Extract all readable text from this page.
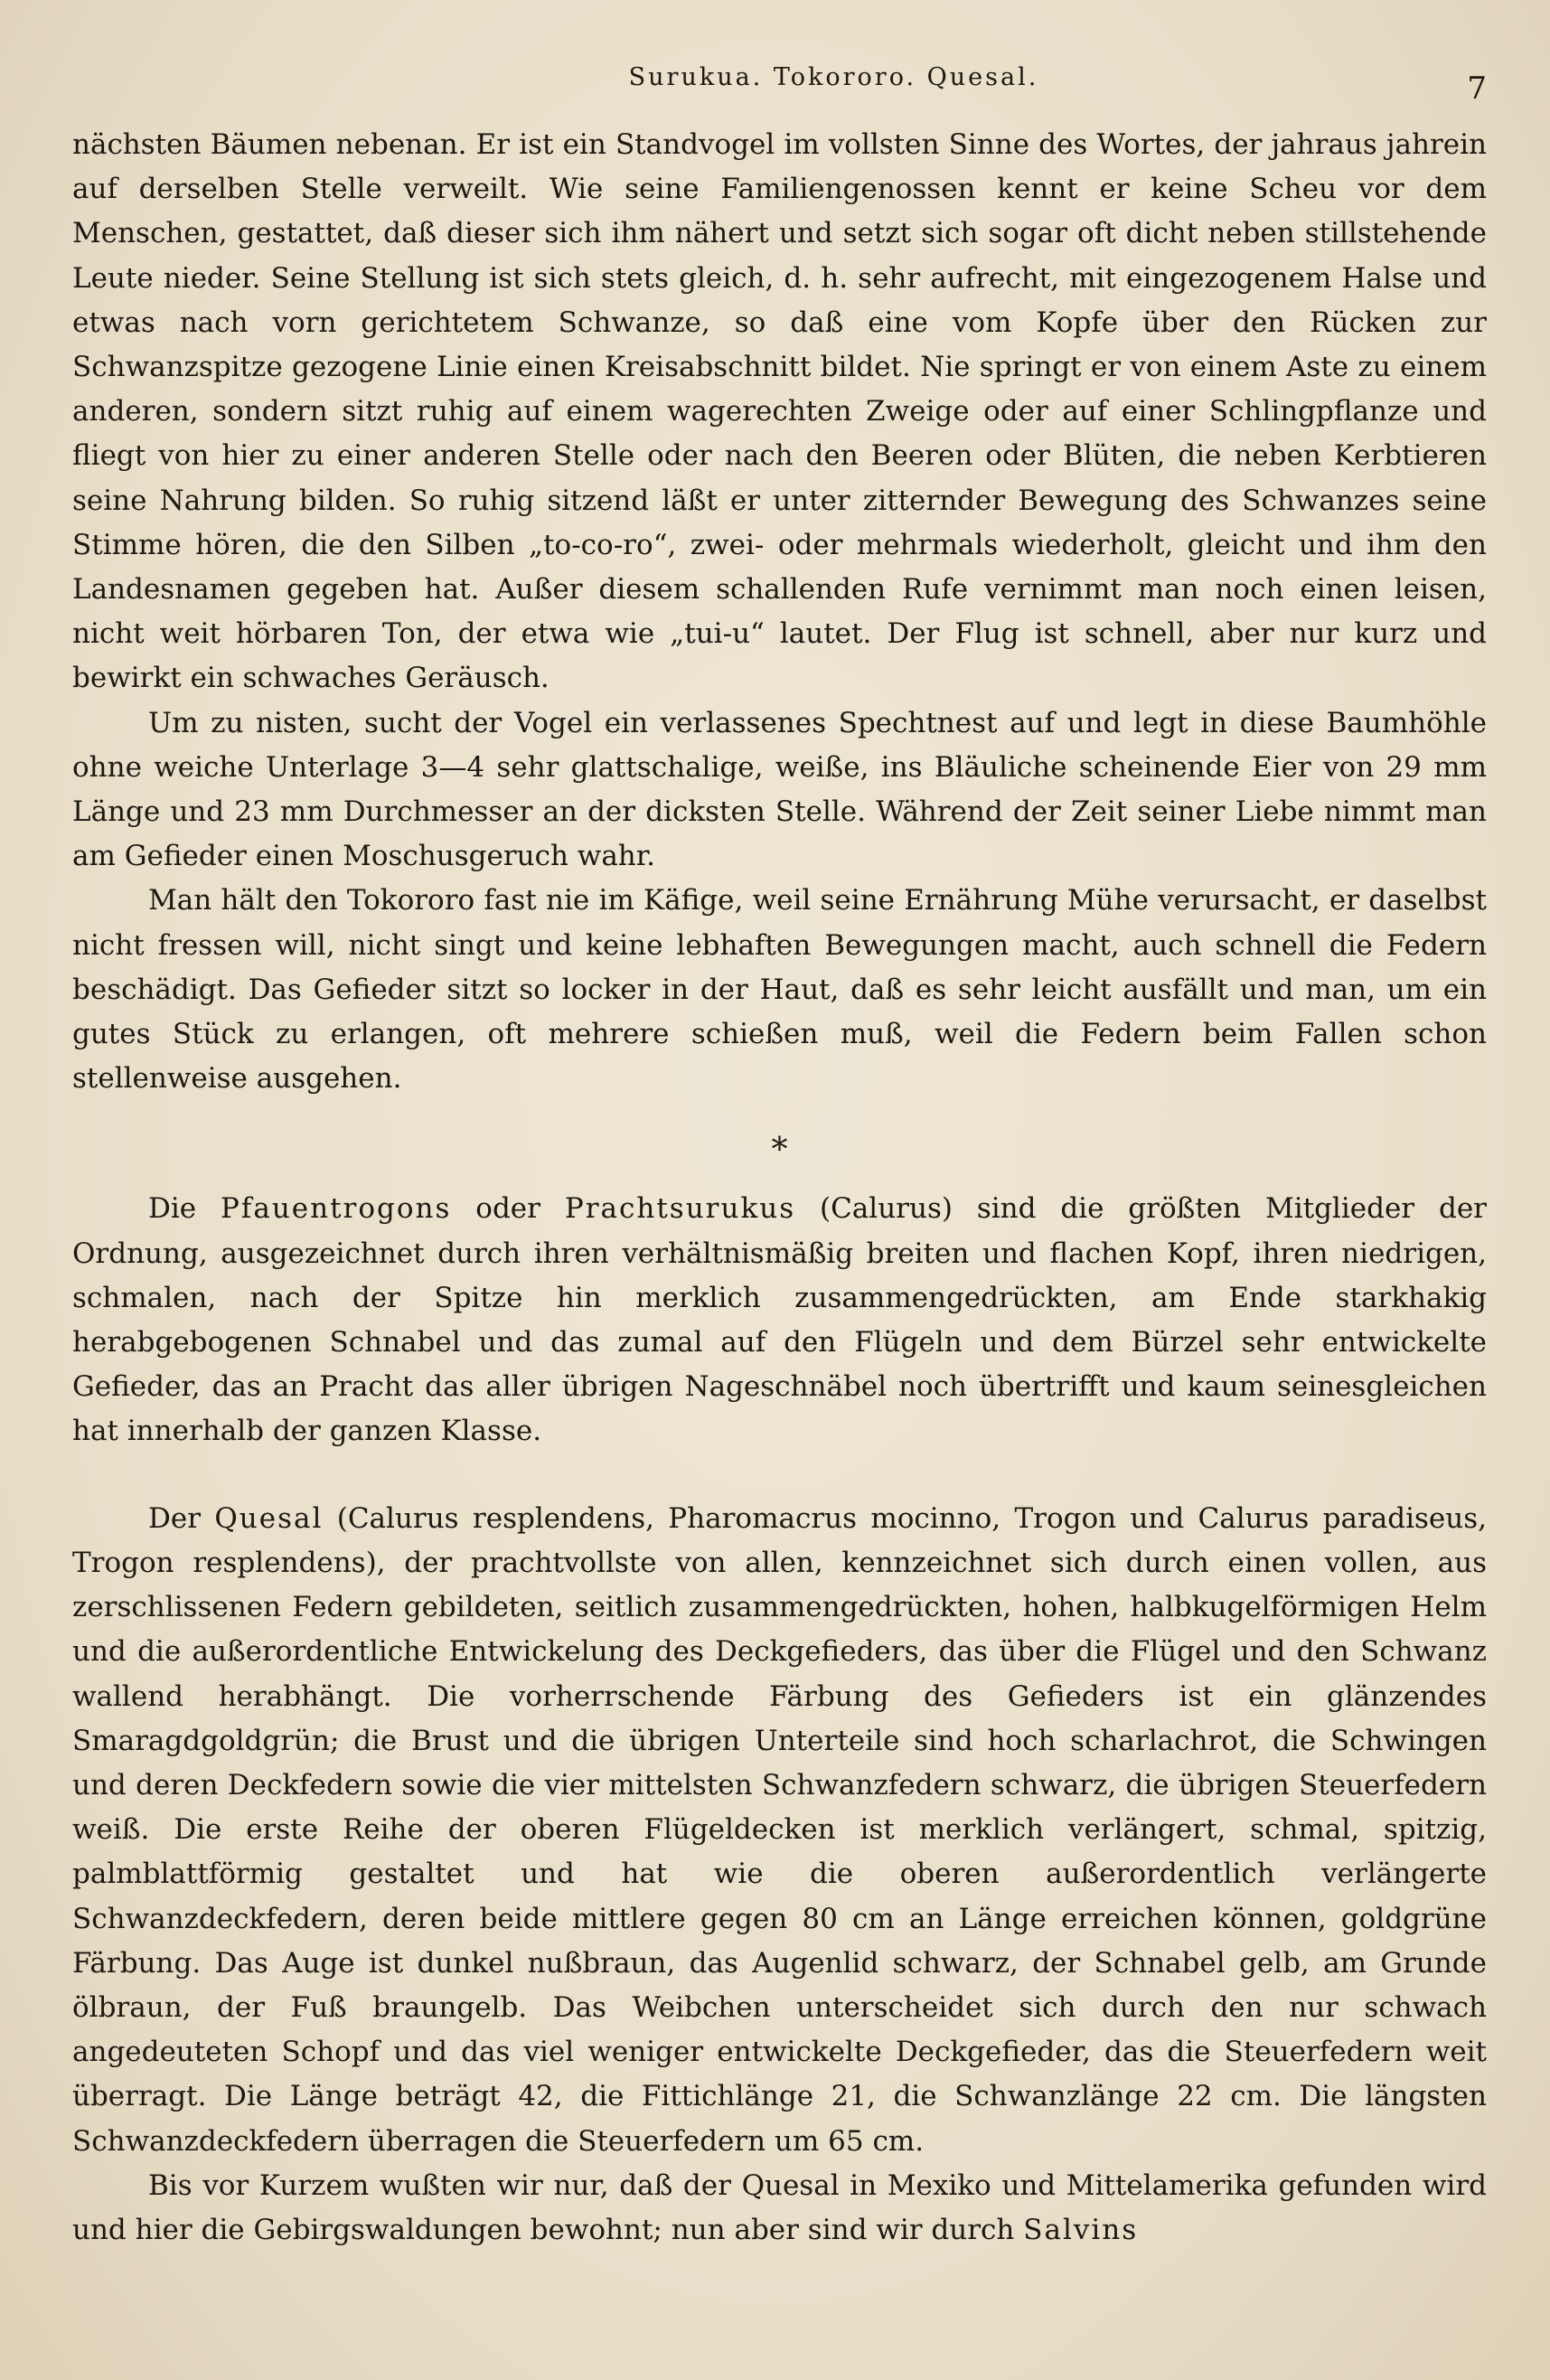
Surukua. Tokororo. Quesal.	7

nächsten Bäumen nebenan. Er ist ein Standvogel im vollsten Sinne des Wortes, der jahraus jahrein auf derselben Stelle verweilt. Wie seine Familiengenossen kennt er keine Scheu vor dem Menschen, gestattet, daß dieser sich ihm nähert und setzt sich sogar oft dicht neben stillstehende Leute nieder. Seine Stellung ist sich stets gleich, d. h. sehr aufrecht, mit eingezogenem Halse und etwas nach vorn gerichtetem Schwanze, so daß eine vom Kopfe über den Rücken zur Schwanzspitze gezogene Linie einen Kreisabschnitt bildet. Nie springt er von einem Aste zu einem anderen, sondern sitzt ruhig auf einem wagerechten Zweige oder auf einer Schlingpflanze und fliegt von hier zu einer anderen Stelle oder nach den Beeren oder Blüten, die neben Kerbtieren seine Nahrung bilden. So ruhig sitzend läßt er unter zitternder Bewegung des Schwanzes seine Stimme hören, die den Silben „to-co-ro“, zwei- oder mehrmals wiederholt, gleicht und ihm den Landesnamen gegeben hat. Außer diesem schallenden Rufe vernimmt man noch einen leisen, nicht weit hörbaren Ton, der etwa wie „tui-u“ lautet. Der Flug ist schnell, aber nur kurz und bewirkt ein schwaches Geräusch.

Um zu nisten, sucht der Vogel ein verlassenes Spechtnest auf und legt in diese Baumhöhle ohne weiche Unterlage 3—4 sehr glattschalige, weiße, ins Bläuliche scheinende Eier von 29 mm Länge und 23 mm Durchmesser an der dicksten Stelle. Während der Zeit seiner Liebe nimmt man am Gefieder einen Moschusgeruch wahr.

Man hält den Tokororo fast nie im Käfige, weil seine Ernährung Mühe verursacht, er daselbst nicht fressen will, nicht singt und keine lebhaften Bewegungen macht, auch schnell die Federn beschädigt. Das Gefieder sitzt so locker in der Haut, daß es sehr leicht ausfällt und man, um ein gutes Stück zu erlangen, oft mehrere schießen muß, weil die Federn beim Fallen schon stellenweise ausgehen.

*

Die Pfauentrogons oder Prachtsurukus (Calurus) sind die größten Mitglieder der Ordnung, ausgezeichnet durch ihren verhältnismäßig breiten und flachen Kopf, ihren niedrigen, schmalen, nach der Spitze hin merklich zusammengedrückten, am Ende starkhakig herabgebogenen Schnabel und das zumal auf den Flügeln und dem Bürzel sehr entwickelte Gefieder, das an Pracht das aller übrigen Nageschnäbel noch übertrifft und kaum seinesgleichen hat innerhalb der ganzen Klasse.

Der Quesal (Calurus resplendens, Pharomacrus mocinno, Trogon und Calurus paradiseus, Trogon resplendens), der prachtvollste von allen, kennzeichnet sich durch einen vollen, aus zerschlissenen Federn gebildeten, seitlich zusammengedrückten, hohen, halbkugelförmigen Helm und die außerordentliche Entwickelung des Deckgefieders, das über die Flügel und den Schwanz wallend herabhängt. Die vorherrschende Färbung des Gefieders ist ein glänzendes Smaragdgoldgrün; die Brust und die übrigen Unterteile sind hoch scharlachrot, die Schwingen und deren Deckfedern sowie die vier mittelsten Schwanzfedern schwarz, die übrigen Steuerfedern weiß. Die erste Reihe der oberen Flügeldecken ist merklich verlängert, schmal, spitzig, palmblattförmig gestaltet und hat wie die oberen außerordentlich verlängerte Schwanzdeckfedern, deren beide mittlere gegen 80 cm an Länge erreichen können, goldgrüne Färbung. Das Auge ist dunkel nußbraun, das Augenlid schwarz, der Schnabel gelb, am Grunde ölbraun, der Fuß braungelb. Das Weibchen unterscheidet sich durch den nur schwach angedeuteten Schopf und das viel weniger entwickelte Deckgefieder, das die Steuerfedern weit überragt. Die Länge beträgt 42, die Fittichlänge 21, die Schwanzlänge 22 cm. Die längsten Schwanzdeckfedern überragen die Steuerfedern um 65 cm.

Bis vor Kurzem wußten wir nur, daß der Quesal in Mexiko und Mittelamerika gefunden wird und hier die Gebirgswaldungen bewohnt; nun aber sind wir durch Salvins
